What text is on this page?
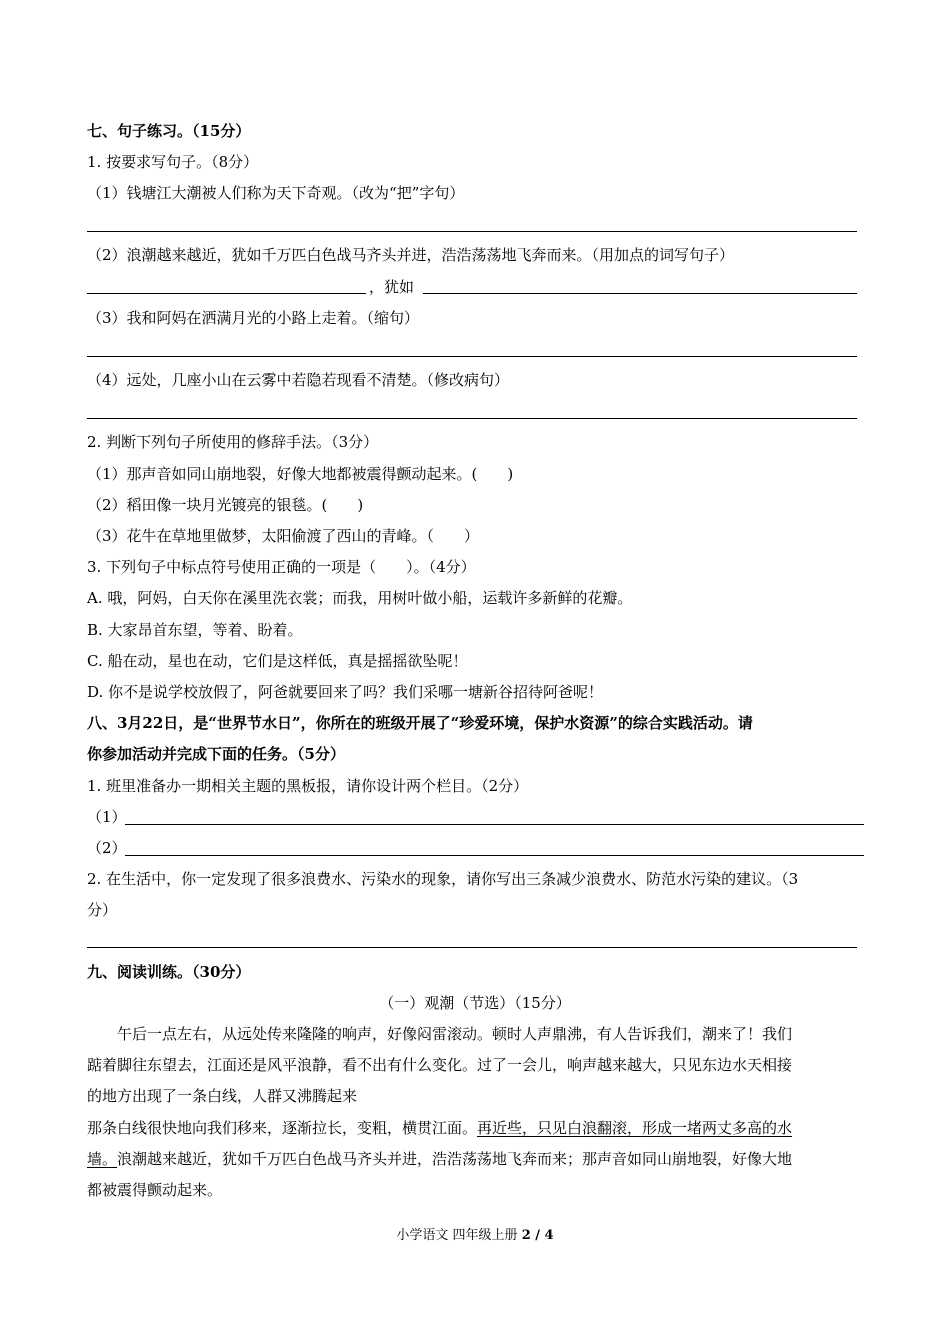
七、句子练习。（15分）
1. 按要求写句子。（8分）
（1）钱塘江大潮被人们称为天下奇观。（改为“把”字句）
（2）浪潮越来越近，犹如千万匹白色战马齐头并进，浩浩荡荡地飞奔而来。（用加点的词写句子）
，犹如
（3）我和阿妈在洒满月光的小路上走着。（缩句）
（4）远处，几座小山在云雾中若隐若现看不清楚。（修改病句）
2. 判断下列句子所使用的修辞手法。（3分）
（1）那声音如同山崩地裂，好像大地都被震得颤动起来。(　　)
（2）稻田像一块月光镀亮的银毯。(　　)
（3）花牛在草地里做梦，太阳偷渡了西山的青峰。（　　）
3. 下列句子中标点符号使用正确的一项是（　　）。（4分）
A. 哦，阿妈，白天你在溪里洗衣裳；而我，用树叶做小船，运载许多新鲜的花瓣。
B. 大家昂首东望，等着、盼着。
C. 船在动，星也在动，它们是这样低，真是摇摇欲坠呢！
D. 你不是说学校放假了，阿爸就要回来了吗？我们采哪一塘新谷招待阿爸呢！
八、3月22日，是“世界节水日”，你所在的班级开展了“珍爱环境，保护水资源”的综合实践活动。请
你参加活动并完成下面的任务。（5分）
1. 班里准备办一期相关主题的黑板报，请你设计两个栏目。（2分）
（1）
（2）
2. 在生活中，你一定发现了很多浪费水、污染水的现象，请你写出三条减少浪费水、防范水污染的建议。（3
分）
九、阅读训练。（30分）
（一）观潮（节选）（15分）
午后一点左右，从远处传来隆隆的响声，好像闷雷滚动。顿时人声鼎沸，有人告诉我们，潮来了！我们
踮着脚往东望去，江面还是风平浪静，看不出有什么变化。过了一会儿，响声越来越大，只见东边水天相接
的地方出现了一条白线，人群又沸腾起来
那条白线很快地向我们移来，逐渐拉长，变粗，横贯江面。再近些，只见白浪翻滚，形成一堵两丈多高的水
墙。浪潮越来越近，犹如千万匹白色战马齐头并进，浩浩荡荡地飞奔而来；那声音如同山崩地裂，好像大地
都被震得颤动起来。
小学语文 四年级上册 2 / 4
